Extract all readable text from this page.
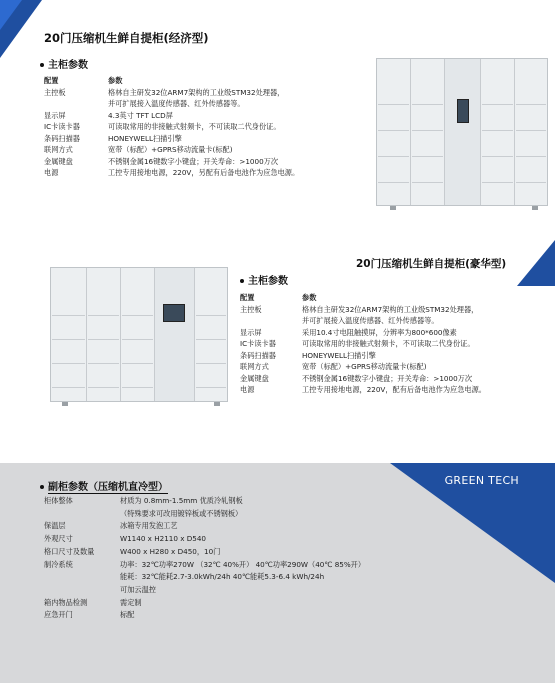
20门压缩机生鲜自提柜(经济型)
主柜参数
配置	参数
主控板	格林自主研发32位ARM7架构的工业级STM32处理器，
并可扩展接入温度传感器、红外传感器等。
显示屏	4.3英寸 TFT LCD屏
IC卡读卡器	可读取常用的非接触式射频卡，不可读取二代身份证。
条码扫描器	HONEYWELL扫描引擎
联网方式	宽带（标配）+GPRS移动流量卡(标配)
金属键盘	不锈钢金属16键数字小键盘；开关寿命：>1000万次
电源	工控专用接地电源，220V，另配有后备电池作为应急电源。
20门压缩机生鲜自提柜(豪华型)
主柜参数
配置	参数
主控板	格林自主研发32位ARM7架构的工业级STM32处理器，
并可扩展接入温度传感器、红外传感器等。
显示屏	采用10.4寸电阻触摸屏，分辨率为800*600像素
IC卡读卡器	可读取常用的非接触式射频卡，不可读取二代身份证。
条码扫描器	HONEYWELL扫描引擎
联网方式	宽带（标配）+GPRS移动流量卡(标配)
金属键盘	不锈钢金属16键数字小键盘；开关寿命：>1000万次
电源	工控专用接地电源，220V，配有后备电池作为应急电源。
GREEN TECH
副柜参数（压缩机直冷型）
柜体整体	材质为 0.8mm-1.5mm 优质冷轧钢板
（特殊要求可改用镀锌板或不锈钢板）
保温层	冰箱专用发泡工艺
外观尺寸	W1140 x H2110 x D540
格口尺寸及数量	W400 x H280 x D450，10门
制冷系统	功率：32℃功率270W （32℃ 40%开） 40℃功率290W（40℃ 85%开）
能耗：32℃能耗2.7-3.0kWh/24h 40℃能耗5.3-6.4 kWh/24h
可加云温控
箱内物品检测	需定制
应急开门	标配
